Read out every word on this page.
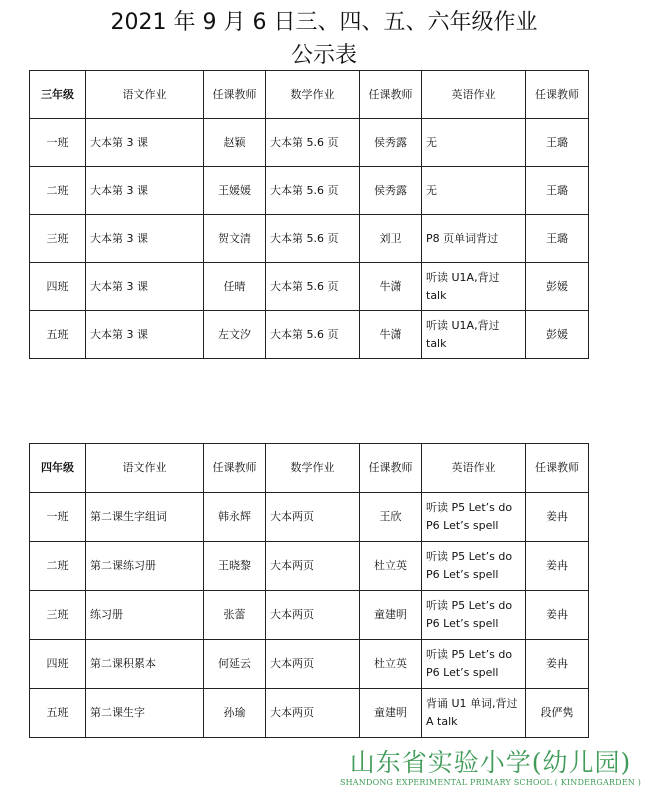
2021 年 9 月 6 日三、四、五、六年级作业
公示表
三年级	语文作业	任课教师	数学作业	任课教师	英语作业	任课教师
一班	大本第 3 课	赵颖	大本第 5.6 页	侯秀露	无	王璐
二班	大本第 3 课	王媛媛	大本第 5.6 页	侯秀露	无	王璐
三班	大本第 3 课	贺文清	大本第 5.6 页	刘卫	P8 页单词背过	王璐
四班	大本第 3 课	任晴	大本第 5.6 页	牛潇	听读 U1A,背过 talk	彭媛
五班	大本第 3 课	左文汐	大本第 5.6 页	牛潇	听读 U1A,背过 talk	彭媛
四年级	语文作业	任课教师	数学作业	任课教师	英语作业	任课教师
一班	第二课生字组词	韩永辉	大本两页	王欣	听读 P5 Let’s do P6 Let’s spell	姜冉
二班	第二课练习册	王晓黎	大本两页	杜立英	听读 P5 Let’s do P6 Let’s spell	姜冉
三班	练习册	张蕾	大本两页	童建明	听读 P5 Let’s do P6 Let’s spell	姜冉
四班	第二课积累本	何延云	大本两页	杜立英	听读 P5 Let’s do P6 Let’s spell	姜冉
五班	第二课生字	孙瑜	大本两页	童建明	背诵 U1 单词,背过 A talk	段俨隽
山东省实验小学(幼儿园)
SHANDONG EXPERIMENTAL PRIMARY SCHOOL ( KINDERGARDEN )
